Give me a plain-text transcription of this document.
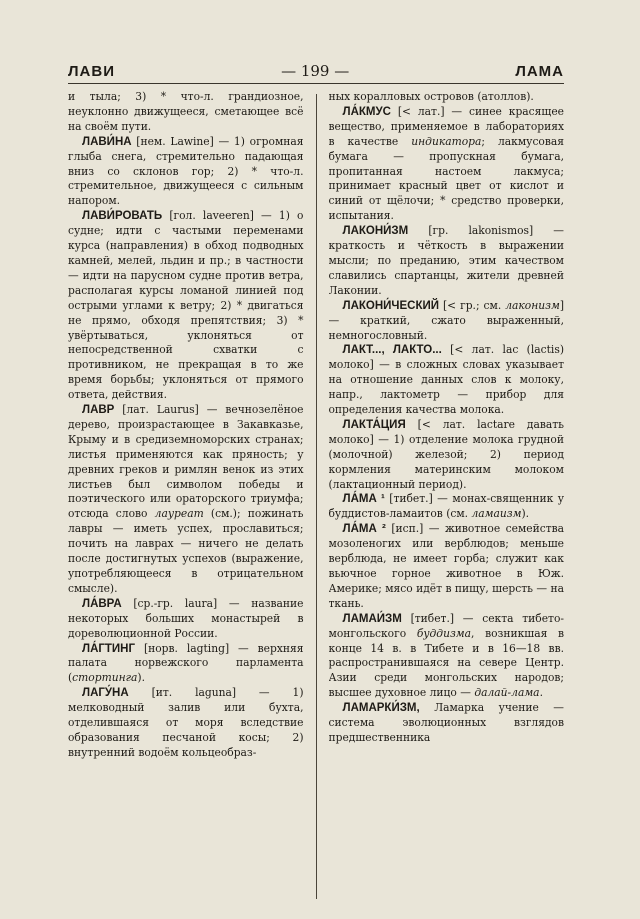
ЛАВИ	— 199 —	ЛАМА

и тыла; 3) * что-л. грандиозное, неуклонно движущееся, сметающее всё на своём пути.

ЛАВИ́НА [нем. Lawine] — 1) огромная глыба снега, стремительно падающая вниз со склонов гор; 2) * что-л. стремительное, движущееся с сильным напором.

ЛАВИ́РОВАТЬ [гол. laveeren] — 1) о судне; идти с частыми переменами курса (направления) в обход подводных камней, мелей, льдин и пр.; в частности — идти на парусном судне против ветра, располагая курсы ломаной линией под острыми углами к ветру; 2) * двигаться не прямо, обходя препятствия; 3) * увёртываться, уклоняться от непосредственной схватки с противником, не прекращая в то же время борьбы; уклоняться от прямого ответа, действия.

ЛАВР [лат. Laurus] — вечнозелёное дерево, произрастающее в Закавказье, Крыму и в средиземноморских странах; листья применяются как пряность; у древних греков и римлян венок из этих листьев был символом победы и поэтического или ораторского триумфа; отсюда слово лауреат (см.); пожинать лавры — иметь успех, прославиться; почить на лаврах — ничего не делать после достигнутых успехов (выражение, употребляющееся в отрицательном смысле).

ЛА́ВРА [ср.-гр. laura] — название некоторых больших монастырей в дореволюционной России.

ЛА́ГТИНГ [норв. lagting] — верхняя палата норвежского парламента (стортинга).

ЛАГУ́НА [ит. laguna] — 1) мелководный залив или бухта, отделившаяся от моря вследствие образования песчаной косы; 2) внутренний водоём кольцеобраз-

ных коралловых островов (атоллов).

ЛА́КМУС [< лат.] — синее красящее вещество, применяемое в лабораториях в качестве индикатора; лакмусовая бумага — пропускная бумага, пропитанная настоем лакмуса; принимает красный цвет от кислот и синий от щёлочи; * средство проверки, испытания.

ЛАКОНИ́ЗМ [гр. lakonismos] — краткость и чёткость в выражении мысли; по преданию, этим качеством славились спартанцы, жители древней Лаконии.

ЛАКОНИ́ЧЕСКИЙ [< гр.; см. лаконизм] — краткий, сжато выраженный, немногословный.

ЛАКТ..., ЛАКТО... [< лат. lac (lactis) молоко] — в сложных словах указывает на отношение данных слов к молоку, напр., лактометр — прибор для определения качества молока.

ЛАКТА́ЦИЯ [< лат. lactare давать молоко] — 1) отделение молока грудной (молочной) железой; 2) период кормления материнским молоком (лактационный период).

ЛА́МА ¹ [тибет.] — монах-священник у буддистов-ламаитов (см. ламаизм).

ЛА́МА ² [исп.] — животное семейства мозоленогих или верблюдов; меньше верблюда, не имеет горба; служит как вьючное горное животное в Юж. Америке; мясо идёт в пищу, шерсть — на ткань.

ЛАМАИ́ЗМ [тибет.] — секта тибето-монгольского буддизма, возникшая в конце 14 в. в Тибете и в 16—18 вв. распространившаяся на севере Центр. Азии среди монгольских народов; высшее духовное лицо — далай-лама.

ЛАМАРКИ́ЗМ, Ламарка учение — система эволюционных взглядов предшественника
